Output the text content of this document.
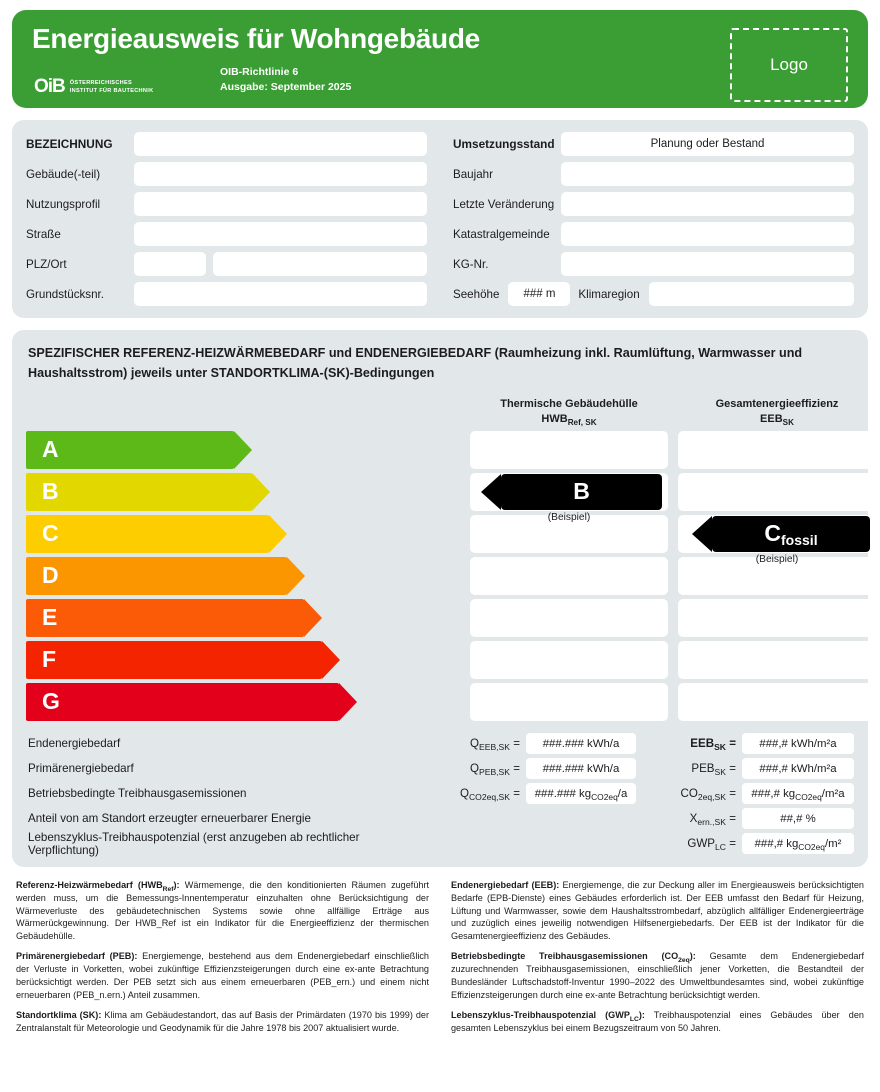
Energieausweis für Wohngebäude
OiB ÖSTERREICHISCHES
INSTITUT FÜR BAUTECHNIK
OIB-Richtlinie 6
Ausgabe: September 2025
Logo
BEZEICHNUNG
Gebäude(-teil)
Nutzungsprofil
Straße
PLZ/Ort
Grundstücksnr.
Umsetzungsstand	Planung oder Bestand
Baujahr
Letzte Veränderung
Katastralgemeinde
KG-Nr.
Seehöhe	### m	Klimaregion
SPEZIFISCHER REFERENZ-HEIZWÄRMEBEDARF und ENDENERGIEBEDARF (Raumheizung inkl. Raumlüftung, Warmwasser und Haushaltsstrom) jeweils unter STANDORTKLIMA-(SK)-Bedingungen
Thermische Gebäudehülle
$HWB_{Ref, SK}$
Gesamtenergieeffizienz
$EEB_{SK}$
A
B	B
(Beispiel)
C	$C_{fossil}$
(Beispiel)
D
E
F
G
Endenergiebedarf	$Q_{EEB,SK}$ =	###.### kWh/a	$EEB_{SK}$ =	###,# kWh/m²a
Primärenergiebedarf	$Q_{PEB,SK}$ =	###.### kWh/a	$PEB_{SK}$ =	###,# kWh/m²a
Betriebsbedingte Treibhausgasemissionen	$Q_{CO2eq,SK}$ =	###.### $kg_{CO2eq}$ /a	$CO_{2eq,SK}$ =	###,# $kg_{CO2eq}$ /m²a
Anteil von am Standort erzeugter erneuerbarer Energie	$X_{ern.,SK}$ =	##,# %
Lebenszyklus-Treibhauspotenzial (erst anzugeben ab rechtlicher Verpflichtung)	$GWP_{LC}$ =	###,# $kg_{CO2eq}$ /m²
Referenz-Heizwärmebedarf $(HWB_{Ref})$: Wärmemenge, die den konditionierten Räumen zugeführt werden muss, um die Bemessungs-Innentemperatur einzuhalten ohne Berücksichtigung der Wärmeverluste des gebäudetechnischen Systems sowie ohne allfällige Erträge aus Wärmerückgewinnung. Der HWB_Ref ist ein Indikator für die Energieeffizienz der thermischen Gebäudehülle.
Primärenergiebedarf (PEB): Energiemenge, bestehend aus dem Endenergiebedarf einschließlich der Verluste in Vorketten, wobei zukünftige Effizienzsteigerungen durch eine ex-ante Betrachtung berücksichtigt werden. Der PEB setzt sich aus einem erneuerbaren (PEB_ern.) und einem nicht erneuerbaren (PEB_n.ern.) Anteil zusammen.
Standortklima (SK): Klima am Gebäudestandort, das auf Basis der Primärdaten (1970 bis 1999) der Zentralanstalt für Meteorologie und Geodynamik für die Jahre 1978 bis 2007 aktualisiert wurde.
Endenergiebedarf (EEB): Energiemenge, die zur Deckung aller im Energieausweis berücksichtigten Bedarfe (EPB-Dienste) eines Gebäudes erforderlich ist. Der EEB umfasst den Bedarf für Heizung, Lüftung und Warmwasser, sowie dem Haushaltsstrombedarf, abzüglich allfälliger Endenergieerträge und zuzüglich eines jeweilig notwendigen Hilfsenergiebedarfs. Der EEB ist der Indikator für die Gesamtenergieeffizienz des Gebäudes.
Betriebsbedingte Treibhausgasemissionen $(CO_{2eq})$: Gesamte dem Endenergiebedarf zuzurechnenden Treibhausgasemissionen, einschließlich jener Vorketten, die Bestandteil der Bundesländer Luftschadstoff-Inventur 1990–2022 des Umweltbundesamtes sind, wobei zukünftige Effizienzsteigerungen durch eine ex-ante Betrachtung berücksichtigt werden.
Lebenszyklus-Treibhauspotenzial $(GWP_{LC})$: Treibhauspotenzial eines Gebäudes über den gesamten Lebenszyklus bei einem Bezugszeitraum von 50 Jahren.
